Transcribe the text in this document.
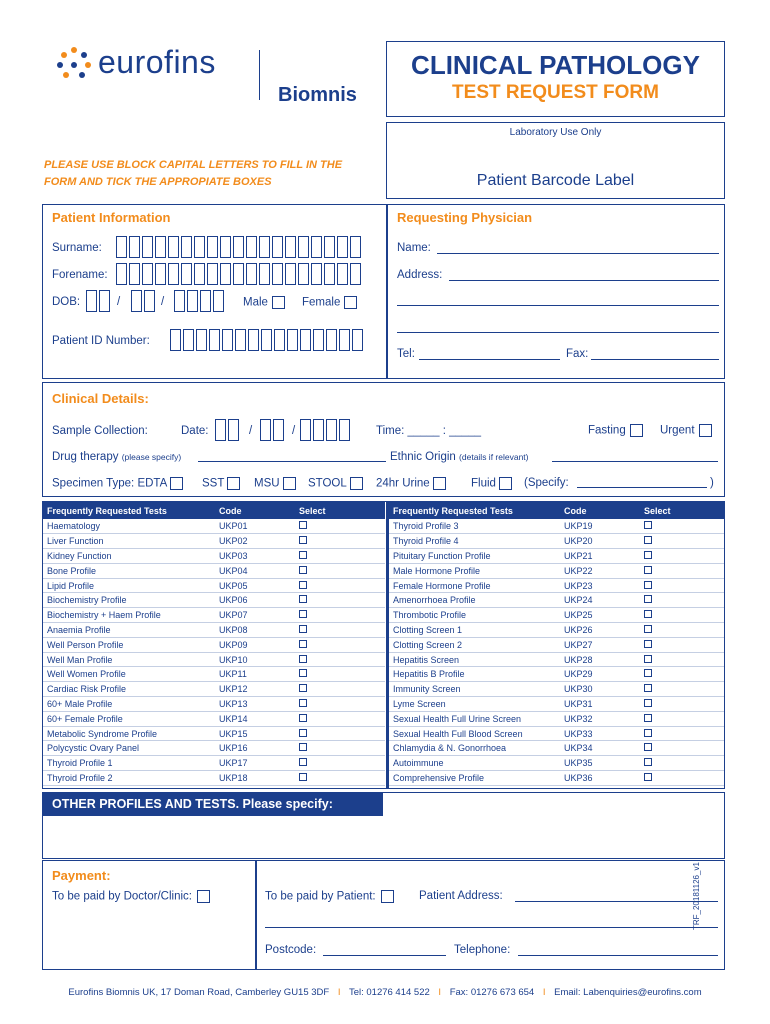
eurofins
Biomnis
CLINICAL PATHOLOGY
TEST REQUEST FORM
Laboratory Use Only
Patient Barcode Label
PLEASE USE BLOCK CAPITAL LETTERS TO FILL IN THE
FORM AND TICK THE APPROPIATE BOXES
Patient Information
Surname:
Forename:
DOB:	/	/	Male	Female
Patient ID Number:
Requesting Physician
Name:
Address:
Tel:	Fax:
Clinical Details:
Sample Collection:	Date:	/	/	Time: _____ : _____	Fasting	Urgent
Drug therapy (please specify)	Ethnic Origin (details if relevant)
Specimen Type: EDTA	SST	MSU	STOOL	24hr Urine	Fluid	(Specify:	)
Frequently Requested Tests	Code	Select
Haematology	UKP01	
Liver Function	UKP02	
Kidney Function	UKP03	
Bone Profile	UKP04	
Lipid Profile	UKP05	
Biochemistry Profile	UKP06	
Biochemistry + Haem Profile	UKP07	
Anaemia Profile	UKP08	
Well Person Profile	UKP09	
Well Man Profile	UKP10	
Well Women Profile	UKP11	
Cardiac Risk Profile	UKP12	
60+ Male Profile	UKP13	
60+ Female Profile	UKP14	
Metabolic Syndrome Profile	UKP15	
Polycystic Ovary Panel	UKP16	
Thyroid Profile 1	UKP17	
Thyroid Profile 2	UKP18	
Frequently Requested Tests	Code	Select
Thyroid Profile 3	UKP19	
Thyroid Profile 4	UKP20	
Pituitary Function Profile	UKP21	
Male Hormone Profile	UKP22	
Female Hormone Profile	UKP23	
Amenorrhoea Profile	UKP24	
Thrombotic Profile	UKP25	
Clotting Screen 1	UKP26	
Clotting Screen 2	UKP27	
Hepatitis Screen	UKP28	
Hepatitis B Profile	UKP29	
Immunity Screen	UKP30	
Lyme Screen	UKP31	
Sexual Health Full Urine Screen	UKP32	
Sexual Health Full Blood Screen	UKP33	
Chlamydia & N. Gonorrhoea	UKP34	
Autoimmune	UKP35	
Comprehensive Profile	UKP36	
OTHER PROFILES AND TESTS. Please specify:
Payment:
To be paid by Doctor/Clinic:	To be paid by Patient:	Patient Address:
Postcode:	Telephone:
TRF_20181126_v1
Eurofins Biomnis UK, 17 Doman Road, Camberley GU15 3DF I Tel: 01276 414 522 I Fax: 01276 673 654 I Email: Labenquiries@eurofins.com
